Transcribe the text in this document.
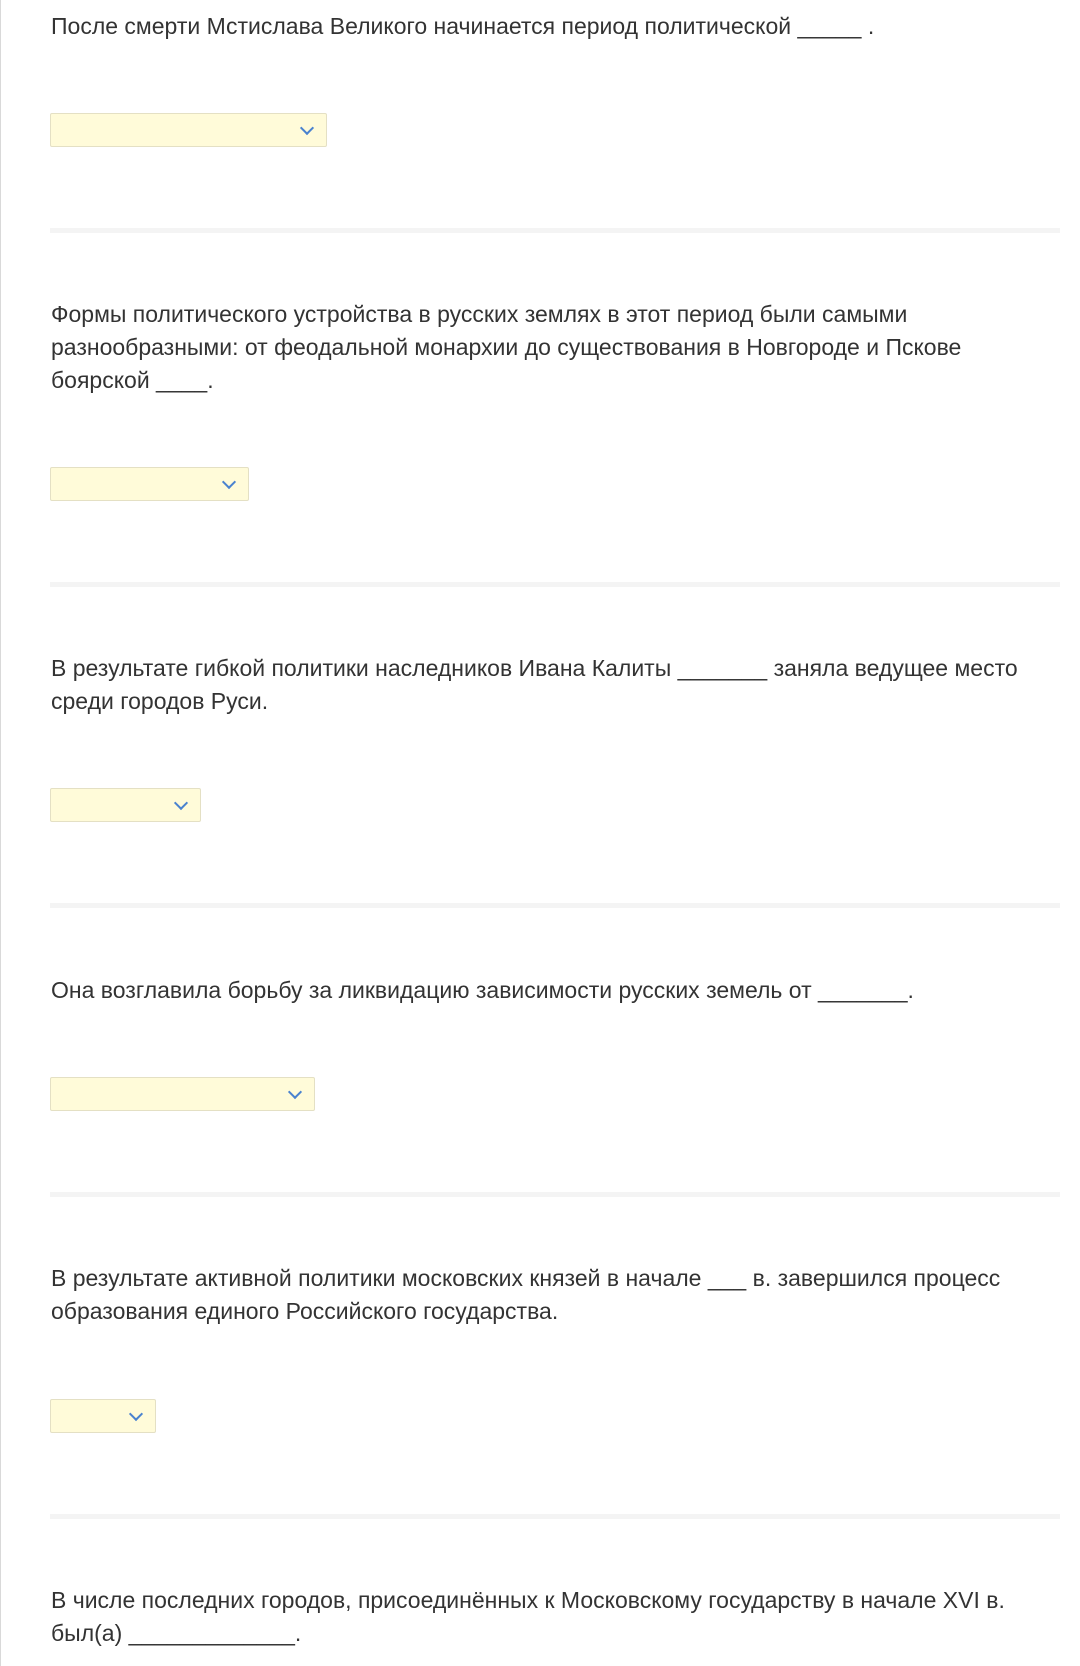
После смерти Мстислава Великого начинается период политической _____ .

Формы политического устройства в русских землях в этот период были самыми разнообразными: от феодальной монархии до существования в Новгороде и Пскове боярской ____.

В результате гибкой политики наследников Ивана Калиты _______ заняла ведущее место среди городов Руси.

Она возглавила борьбу за ликвидацию зависимости русских земель от _______.

В результате активной политики московских князей в начале ___ в. завершился процесс образования единого Российского государства.

В числе последних городов, присоединённых к Московскому государству в начале XVI в. был(а) _____________.
